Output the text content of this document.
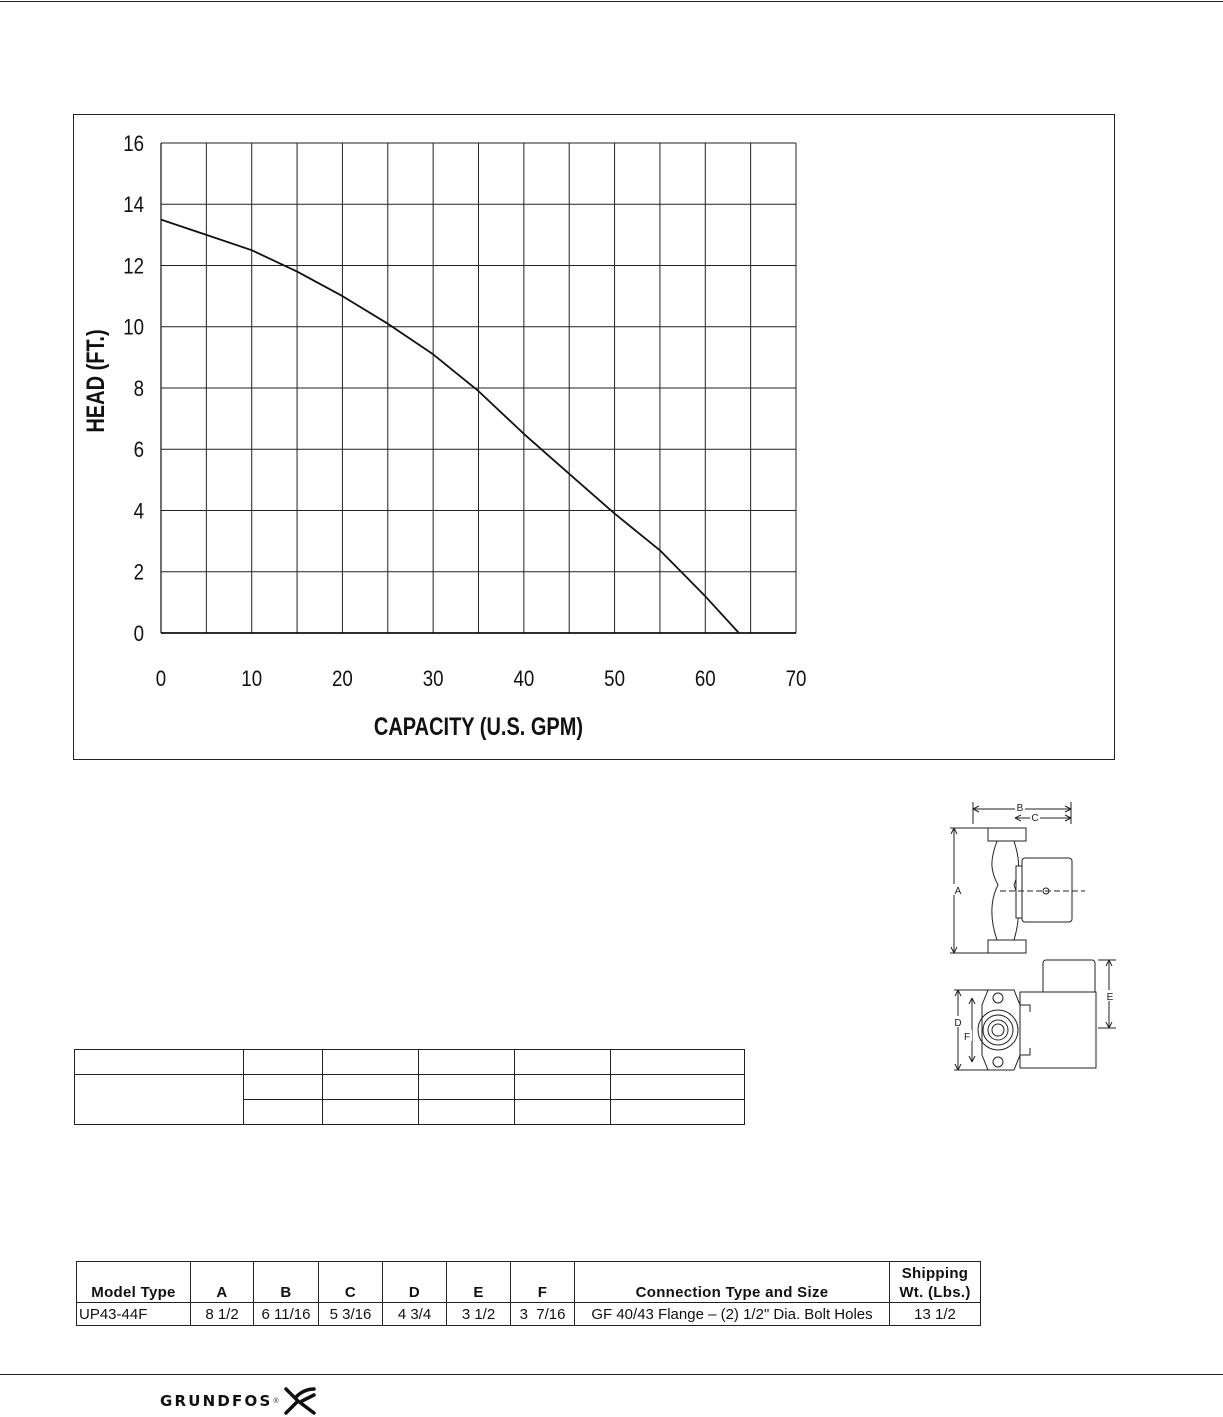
0	10	20	30	40	50	60	70
0
2
4
6
8
10
12
14
16
CAPACITY (U.S. GPM)
HEAD (FT.)
B
C
A
E
D
F

Model Type	A	B	C	D	E	F	Connection Type and Size	Shipping
Wt. (Lbs.)
UP43-44F	8 1/2	6 11/16	5 3/16	4 3/4	3 1/2	3  7/16	GF 40/43 Flange – (2) 1/2" Dia. Bolt Holes	13 1/2
GRUNDFOS ®
